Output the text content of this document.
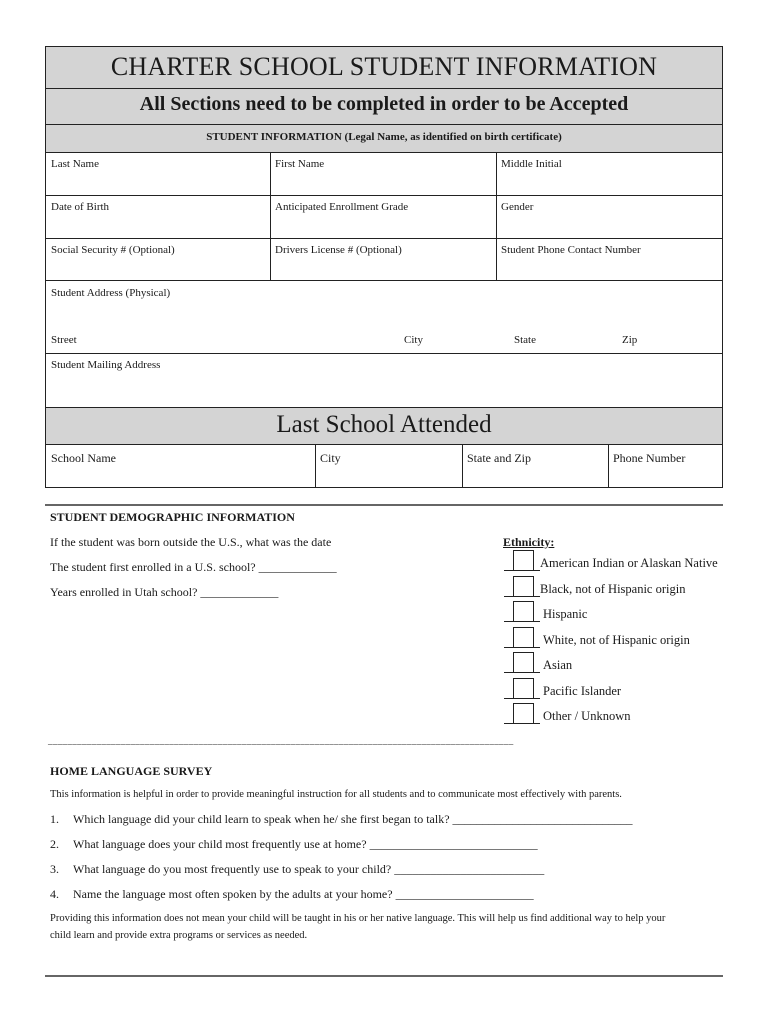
CHARTER SCHOOL STUDENT INFORMATION
All Sections need to be completed in order to be Accepted
STUDENT INFORMATION (Legal Name, as identified on birth certificate)
Last Name	First Name	Middle Initial
Date of Birth	Anticipated Enrollment Grade	Gender
Social Security # (Optional)	Drivers License # (Optional)	Student Phone Contact Number
Student Address (Physical)
Street	City	State	Zip
Student Mailing Address
Last School Attended
School Name	City	State and Zip	Phone Number
STUDENT DEMOGRAPHIC INFORMATION
If the student was born outside the U.S., what was the date
The student first enrolled in a U.S. school? _____________
Years enrolled in Utah school? _____________
Ethnicity:
American Indian or Alaskan Native
Black, not of Hispanic origin
Hispanic
White, not of Hispanic origin
Asian
Pacific Islander
Other / Unknown
________________________________________________________________________________________________
HOME LANGUAGE SURVEY
This information is helpful in order to provide meaningful instruction for all students and to communicate most effectively with parents.
1. Which language did your child learn to speak when he/ she first began to talk? ______________________________
2. What language does your child most frequently use at home? ____________________________
3. What language do you most frequently use to speak to your child? _________________________
4. Name the language most often spoken by the adults at your home? _______________________
Providing this information does not mean your child will be taught in his or her native language. This will help us find additional way to help your
child learn and provide extra programs or services as needed.
